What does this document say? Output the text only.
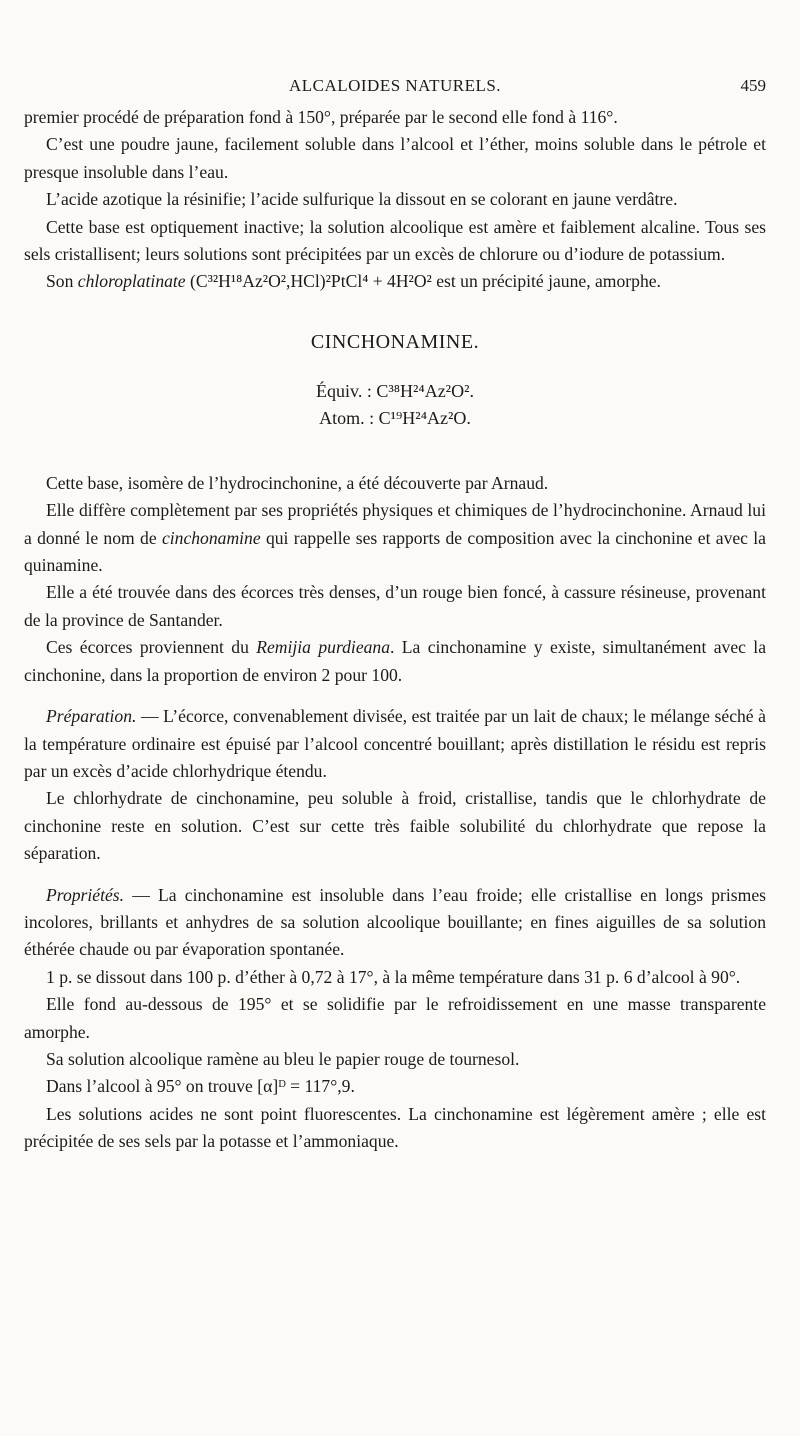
ALCALOIDES NATURELS.	459

premier procédé de préparation fond à 150°, préparée par le second elle fond à 116°.

C’est une poudre jaune, facilement soluble dans l’alcool et l’éther, moins soluble dans le pétrole et presque insoluble dans l’eau.

L’acide azotique la résinifie; l’acide sulfurique la dissout en se colorant en jaune verdâtre.

Cette base est optiquement inactive; la solution alcoolique est amère et faiblement alcaline. Tous ses sels cristallisent; leurs solutions sont précipitées par un excès de chlorure ou d’iodure de potassium.

Son chloroplatinate (C³²H¹⁸Az²O²,HCl)²PtCl⁴ + 4H²O² est un précipité jaune, amorphe.

CINCHONAMINE.
Équiv. : C³⁸H²⁴Az²O².
Atom. : C¹⁹H²⁴Az²O.

Cette base, isomère de l’hydrocinchonine, a été découverte par Arnaud.

Elle diffère complètement par ses propriétés physiques et chimiques de l’hydrocinchonine. Arnaud lui a donné le nom de cinchonamine qui rappelle ses rapports de composition avec la cinchonine et avec la quinamine.

Elle a été trouvée dans des écorces très denses, d’un rouge bien foncé, à cassure résineuse, provenant de la province de Santander.

Ces écorces proviennent du Remijia purdieana. La cinchonamine y existe, simultanément avec la cinchonine, dans la proportion de environ 2 pour 100.

Préparation. — L’écorce, convenablement divisée, est traitée par un lait de chaux; le mélange séché à la température ordinaire est épuisé par l’alcool concentré bouillant; après distillation le résidu est repris par un excès d’acide chlorhydrique étendu.

Le chlorhydrate de cinchonamine, peu soluble à froid, cristallise, tandis que le chlorhydrate de cinchonine reste en solution. C’est sur cette très faible solubilité du chlorhydrate que repose la séparation.

Propriétés. — La cinchonamine est insoluble dans l’eau froide; elle cristallise en longs prismes incolores, brillants et anhydres de sa solution alcoolique bouillante; en fines aiguilles de sa solution éthérée chaude ou par évaporation spontanée.

1 p. se dissout dans 100 p. d’éther à 0,72 à 17°, à la même température dans 31 p. 6 d’alcool à 90°.

Elle fond au-dessous de 195° et se solidifie par le refroidissement en une masse transparente amorphe.

Sa solution alcoolique ramène au bleu le papier rouge de tournesol.

Dans l’alcool à 95° on trouve [α]ᴰ = 117°,9.

Les solutions acides ne sont point fluorescentes. La cinchonamine est légèrement amère ; elle est précipitée de ses sels par la potasse et l’ammoniaque.
